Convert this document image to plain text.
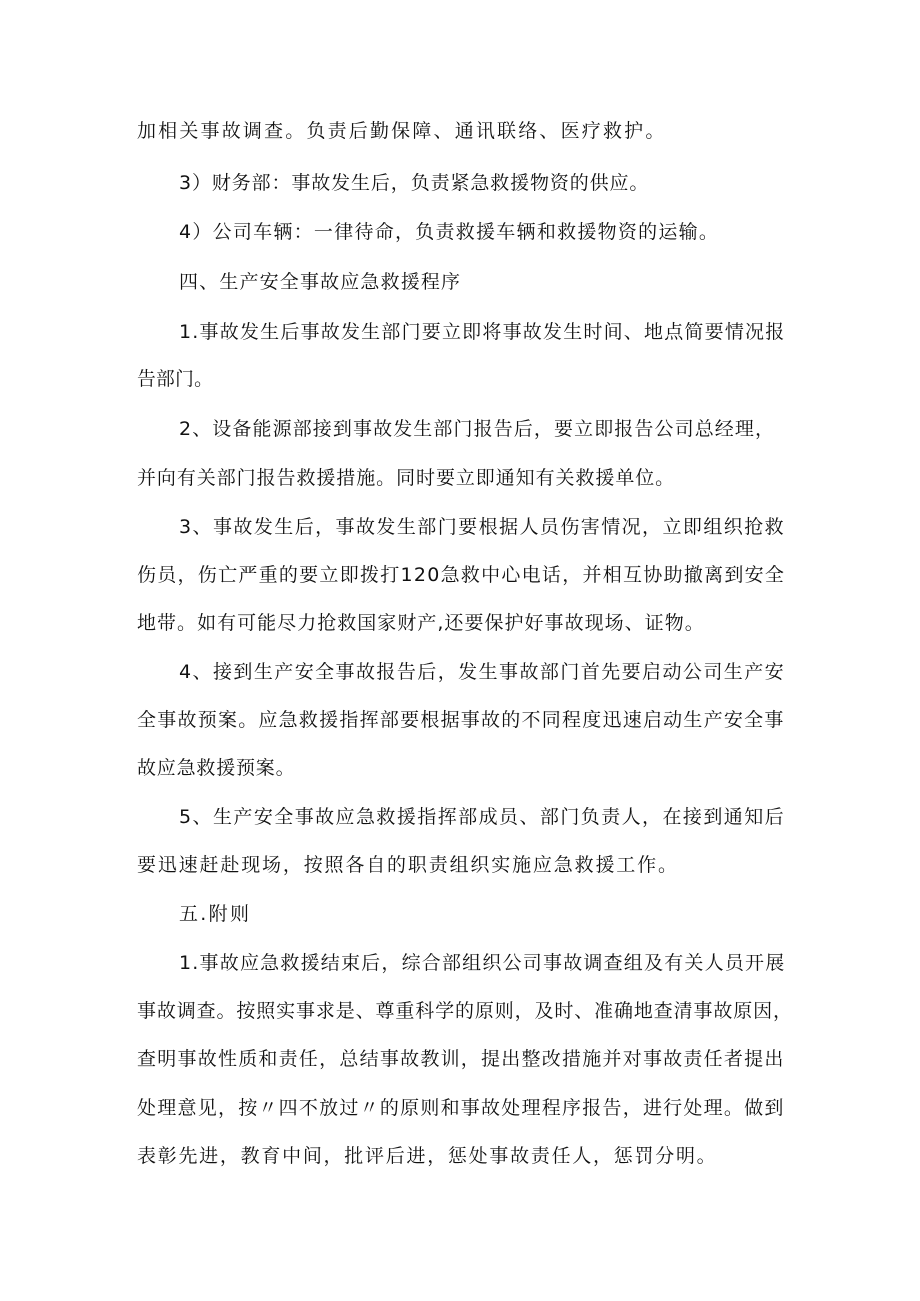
加相关事故调查。负责后勤保障、通讯联络、医疗救护。
3）财务部：事故发生后，负责紧急救援物资的供应。
4）公司车辆：一律待命，负责救援车辆和救援物资的运输。
四、生产安全事故应急救援程序
1.事故发生后事故发生部门要立即将事故发生时间、地点简要情况报
告部门。
2、设备能源部接到事故发生部门报告后，要立即报告公司总经理，
并向有关部门报告救援措施。同时要立即通知有关救援单位。
3、事故发生后，事故发生部门要根据人员伤害情况，立即组织抢救
伤员，伤亡严重的要立即拨打120急救中心电话，并相互协助撤离到安全
地带。如有可能尽力抢救国家财产,还要保护好事故现场、证物。
4、接到生产安全事故报告后，发生事故部门首先要启动公司生产安
全事故预案。应急救援指挥部要根据事故的不同程度迅速启动生产安全事
故应急救援预案。
5、生产安全事故应急救援指挥部成员、部门负责人，在接到通知后
要迅速赶赴现场，按照各自的职责组织实施应急救援工作。
五.附则
1.事故应急救援结束后，综合部组织公司事故调查组及有关人员开展
事故调查。按照实事求是、尊重科学的原则，及时、准确地查清事故原因，
查明事故性质和责任，总结事故教训，提出整改措施并对事故责任者提出
处理意见，按〃四不放过〃的原则和事故处理程序报告，进行处理。做到
表彰先进，教育中间，批评后进，惩处事故责任人，惩罚分明。
